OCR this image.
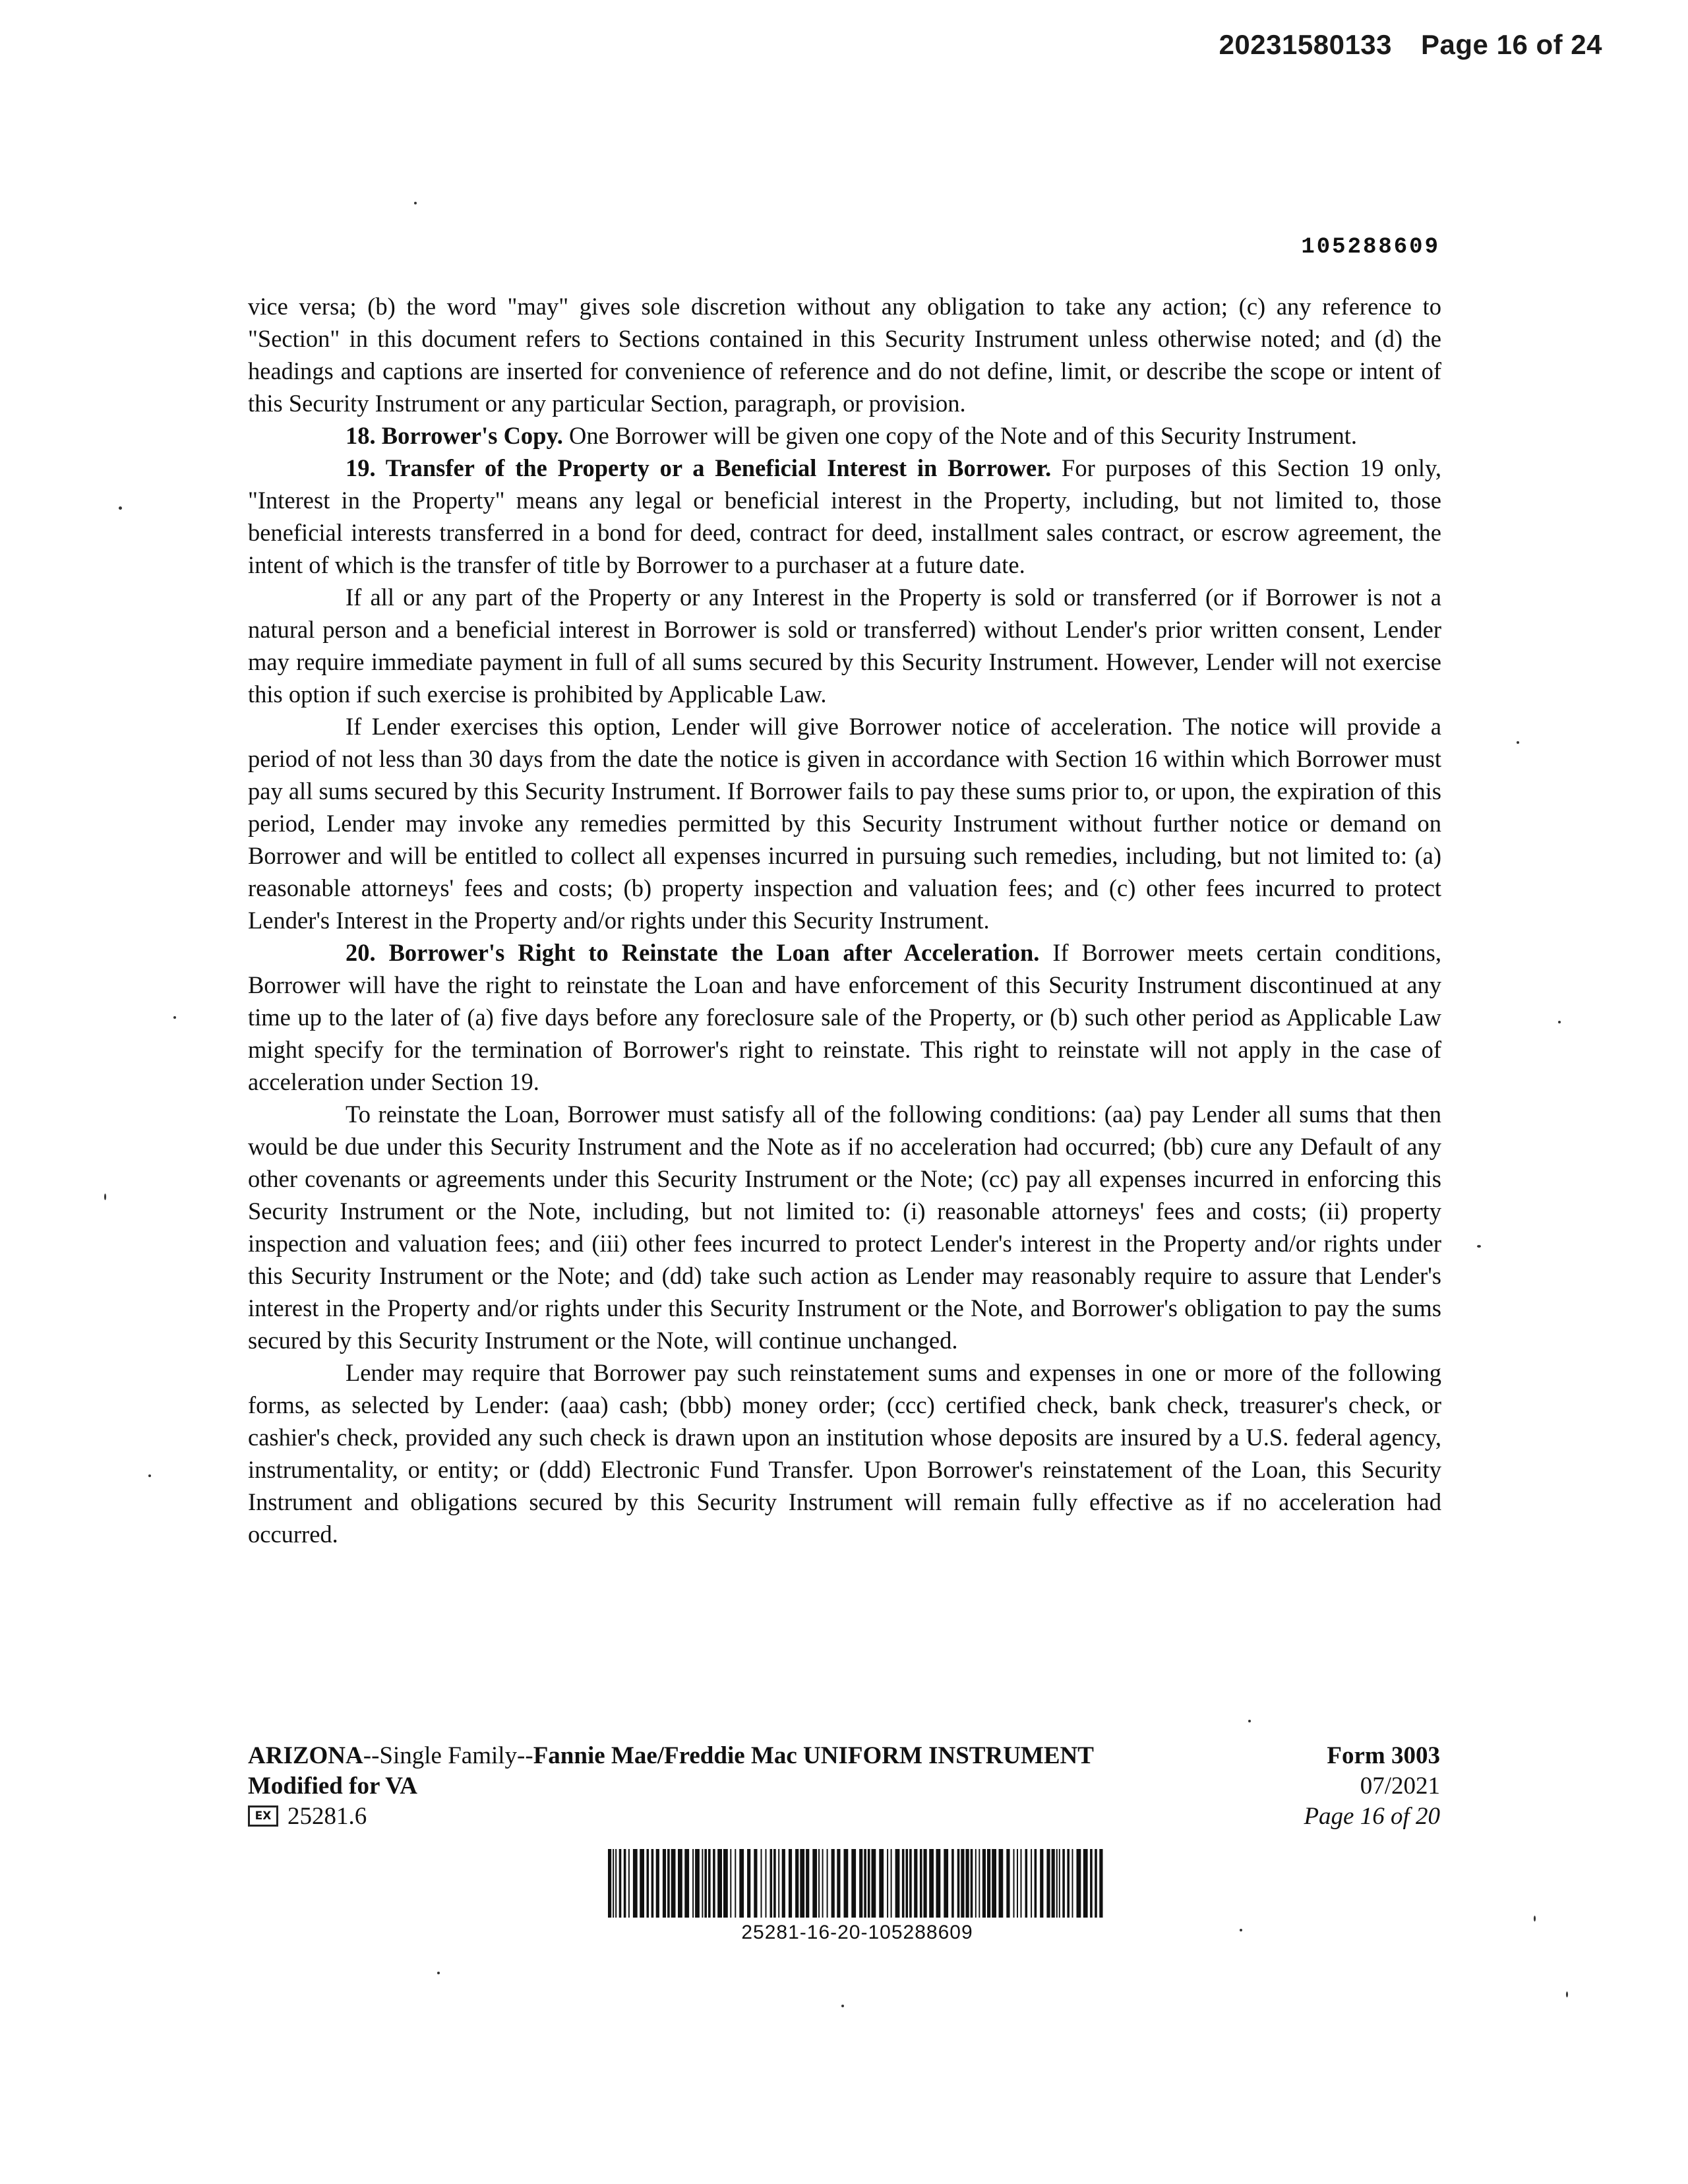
20231580133 Page 16 of 24
105288609

vice versa; (b) the word "may" gives sole discretion without any obligation to take any action; (c) any reference to "Section" in this document refers to Sections contained in this Security Instrument unless otherwise noted; and (d) the headings and captions are inserted for convenience of reference and do not define, limit, or describe the scope or intent of this Security Instrument or any particular Section, paragraph, or provision.

18. Borrower's Copy. One Borrower will be given one copy of the Note and of this Security Instrument.

19. Transfer of the Property or a Beneficial Interest in Borrower. For purposes of this Section 19 only, "Interest in the Property" means any legal or beneficial interest in the Property, including, but not limited to, those beneficial interests transferred in a bond for deed, contract for deed, installment sales contract, or escrow agreement, the intent of which is the transfer of title by Borrower to a purchaser at a future date.

If all or any part of the Property or any Interest in the Property is sold or transferred (or if Borrower is not a natural person and a beneficial interest in Borrower is sold or transferred) without Lender's prior written consent, Lender may require immediate payment in full of all sums secured by this Security Instrument. However, Lender will not exercise this option if such exercise is prohibited by Applicable Law.

If Lender exercises this option, Lender will give Borrower notice of acceleration. The notice will provide a period of not less than 30 days from the date the notice is given in accordance with Section 16 within which Borrower must pay all sums secured by this Security Instrument. If Borrower fails to pay these sums prior to, or upon, the expiration of this period, Lender may invoke any remedies permitted by this Security Instrument without further notice or demand on Borrower and will be entitled to collect all expenses incurred in pursuing such remedies, including, but not limited to: (a) reasonable attorneys' fees and costs; (b) property inspection and valuation fees; and (c) other fees incurred to protect Lender's Interest in the Property and/or rights under this Security Instrument.

20. Borrower's Right to Reinstate the Loan after Acceleration. If Borrower meets certain conditions, Borrower will have the right to reinstate the Loan and have enforcement of this Security Instrument discontinued at any time up to the later of (a) five days before any foreclosure sale of the Property, or (b) such other period as Applicable Law might specify for the termination of Borrower's right to reinstate. This right to reinstate will not apply in the case of acceleration under Section 19.

To reinstate the Loan, Borrower must satisfy all of the following conditions: (aa) pay Lender all sums that then would be due under this Security Instrument and the Note as if no acceleration had occurred; (bb) cure any Default of any other covenants or agreements under this Security Instrument or the Note; (cc) pay all expenses incurred in enforcing this Security Instrument or the Note, including, but not limited to: (i) reasonable attorneys' fees and costs; (ii) property inspection and valuation fees; and (iii) other fees incurred to protect Lender's interest in the Property and/or rights under this Security Instrument or the Note; and (dd) take such action as Lender may reasonably require to assure that Lender's interest in the Property and/or rights under this Security Instrument or the Note, and Borrower's obligation to pay the sums secured by this Security Instrument or the Note, will continue unchanged.

Lender may require that Borrower pay such reinstatement sums and expenses in one or more of the following forms, as selected by Lender: (aaa) cash; (bbb) money order; (ccc) certified check, bank check, treasurer's check, or cashier's check, provided any such check is drawn upon an institution whose deposits are insured by a U.S. federal agency, instrumentality, or entity; or (ddd) Electronic Fund Transfer. Upon Borrower's reinstatement of the Loan, this Security Instrument and obligations secured by this Security Instrument will remain fully effective as if no acceleration had occurred.

ARIZONA--Single Family--Fannie Mae/Freddie Mac UNIFORM INSTRUMENT
Modified for VA
EX 25281.6
Form 3003
07/2021
Page 16 of 20
25281-16-20-105288609
